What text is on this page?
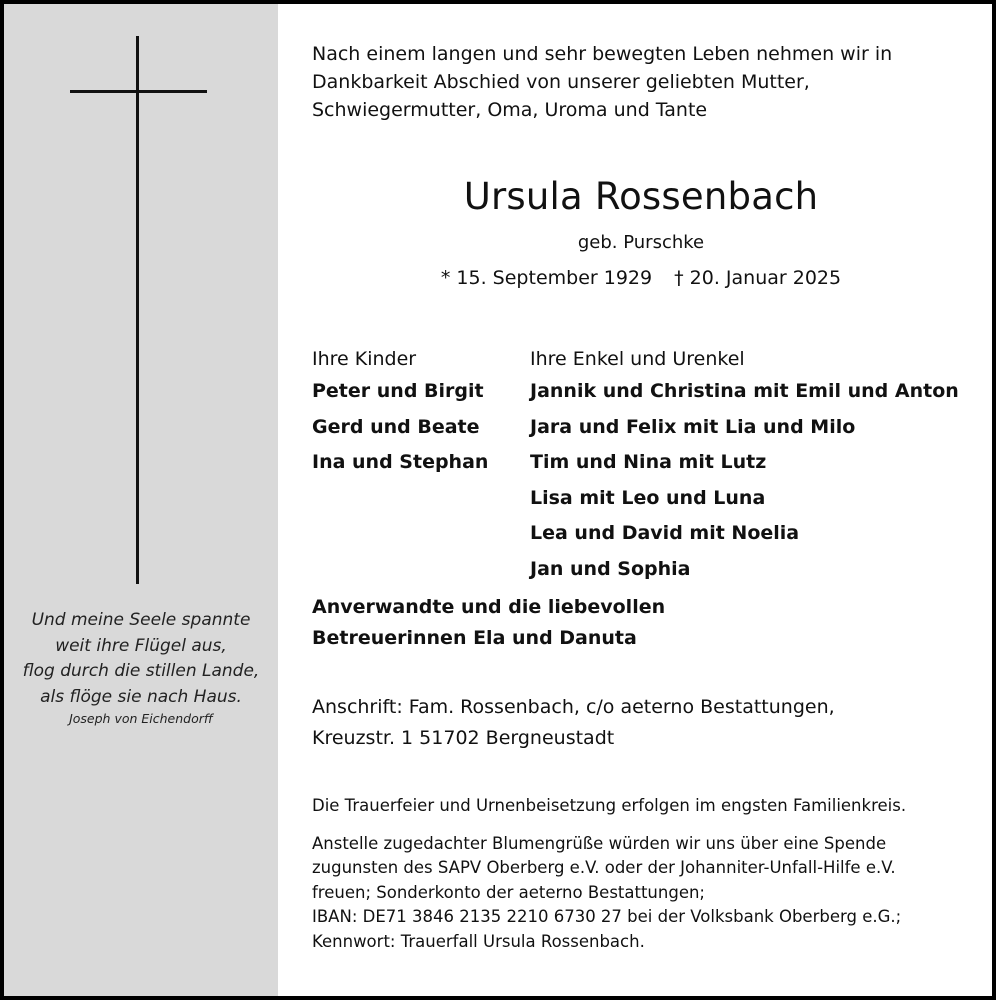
Und meine Seele spannte
weit ihre Flügel aus,
flog durch die stillen Lande,
als flöge sie nach Haus.
Joseph von Eichendorff
Nach einem langen und sehr bewegten Leben nehmen wir in
Dankbarkeit Abschied von unserer geliebten Mutter,
Schwiegermutter, Oma, Uroma und Tante
Ursula Rossenbach
geb. Purschke
* 15. September 1929 † 20. Januar 2025
Ihre Kinder
Peter und Birgit
Gerd und Beate
Ina und Stephan
Ihre Enkel und Urenkel
Jannik und Christina mit Emil und Anton
Jara und Felix mit Lia und Milo
Tim und Nina mit Lutz
Lisa mit Leo und Luna
Lea und David mit Noelia
Jan und Sophia
Anverwandte und die liebevollen
Betreuerinnen Ela und Danuta
Anschrift: Fam. Rossenbach, c/o aeterno Bestattungen,
Kreuzstr. 1 51702 Bergneustadt
Die Trauerfeier und Urnenbeisetzung erfolgen im engsten Familienkreis.
Anstelle zugedachter Blumengrüße würden wir uns über eine Spende
zugunsten des SAPV Oberberg e.V. oder der Johanniter-Unfall-Hilfe e.V.
freuen; Sonderkonto der aeterno Bestattungen;
IBAN: DE71 3846 2135 2210 6730 27 bei der Volksbank Oberberg e.G.;
Kennwort: Trauerfall Ursula Rossenbach.
